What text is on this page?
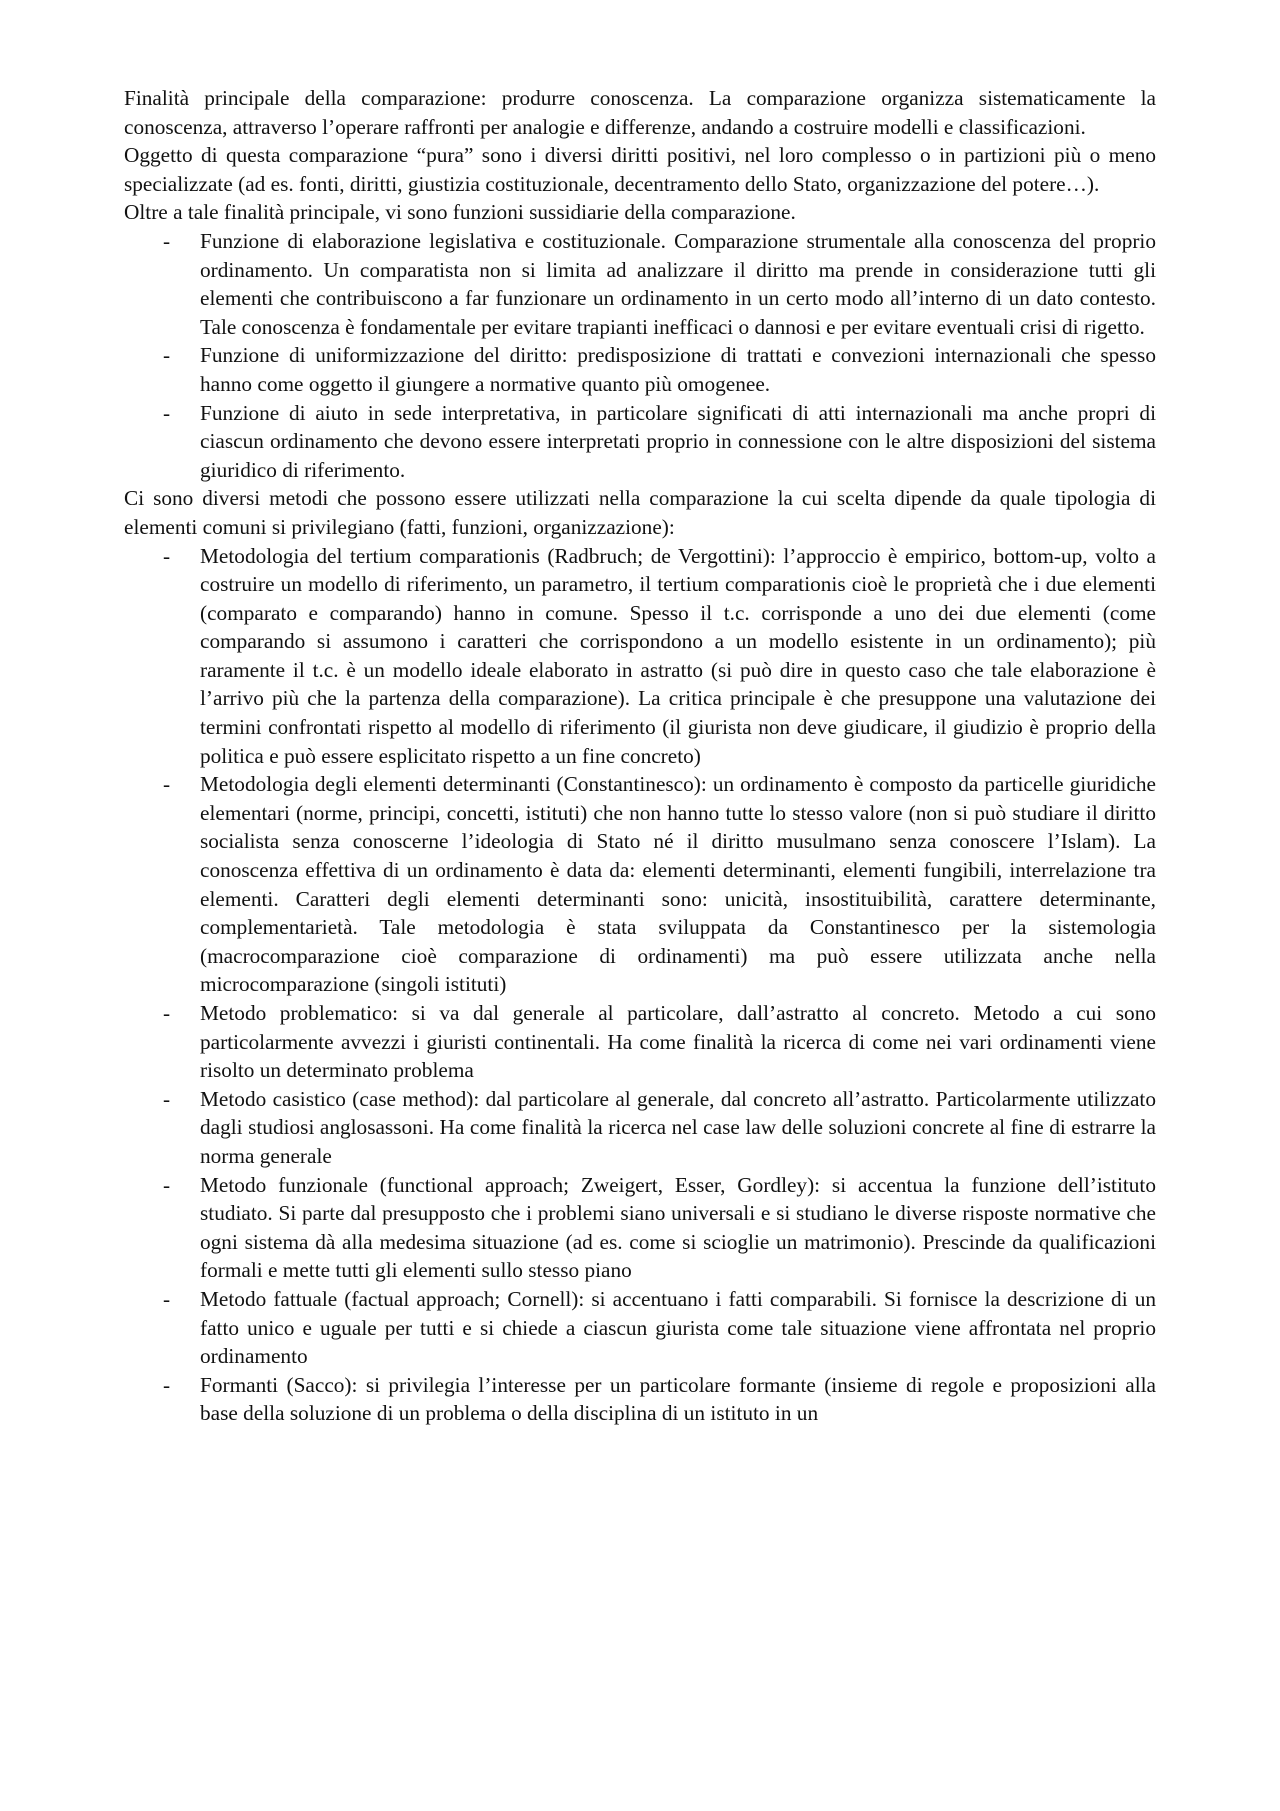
Finalità principale della comparazione: produrre conoscenza. La comparazione organizza sistematicamente la conoscenza, attraverso l’operare raffronti per analogie e differenze, andando a costruire modelli e classificazioni.

Oggetto di questa comparazione “pura” sono i diversi diritti positivi, nel loro complesso o in partizioni più o meno specializzate (ad es. fonti, diritti, giustizia costituzionale, decentramento dello Stato, organizzazione del potere…).

Oltre a tale finalità principale, vi sono funzioni sussidiarie della comparazione.

- Funzione di elaborazione legislativa e costituzionale. Comparazione strumentale alla conoscenza del proprio ordinamento. Un comparatista non si limita ad analizzare il diritto ma prende in considerazione tutti gli elementi che contribuiscono a far funzionare un ordinamento in un certo modo all’interno di un dato contesto. Tale conoscenza è fondamentale per evitare trapianti inefficaci o dannosi e per evitare eventuali crisi di rigetto.
- Funzione di uniformizzazione del diritto: predisposizione di trattati e convezioni internazionali che spesso hanno come oggetto il giungere a normative quanto più omogenee.
- Funzione di aiuto in sede interpretativa, in particolare significati di atti internazionali ma anche propri di ciascun ordinamento che devono essere interpretati proprio in connessione con le altre disposizioni del sistema giuridico di riferimento.

Ci sono diversi metodi che possono essere utilizzati nella comparazione la cui scelta dipende da quale tipologia di elementi comuni si privilegiano (fatti, funzioni, organizzazione):

- Metodologia del tertium comparationis (Radbruch; de Vergottini): l’approccio è empirico, bottom-up, volto a costruire un modello di riferimento, un parametro, il tertium comparationis cioè le proprietà che i due elementi (comparato e comparando) hanno in comune. Spesso il t.c. corrisponde a uno dei due elementi (come comparando si assumono i caratteri che corrispondono a un modello esistente in un ordinamento); più raramente il t.c. è un modello ideale elaborato in astratto (si può dire in questo caso che tale elaborazione è l’arrivo più che la partenza della comparazione). La critica principale è che presuppone una valutazione dei termini confrontati rispetto al modello di riferimento (il giurista non deve giudicare, il giudizio è proprio della politica e può essere esplicitato rispetto a un fine concreto)
- Metodologia degli elementi determinanti (Constantinesco): un ordinamento è composto da particelle giuridiche elementari (norme, principi, concetti, istituti) che non hanno tutte lo stesso valore (non si può studiare il diritto socialista senza conoscerne l’ideologia di Stato né il diritto musulmano senza conoscere l’Islam). La conoscenza effettiva di un ordinamento è data da: elementi determinanti, elementi fungibili, interrelazione tra elementi. Caratteri degli elementi determinanti sono: unicità, insostituibilità, carattere determinante, complementarietà. Tale metodologia è stata sviluppata da Constantinesco per la sistemologia (macrocomparazione cioè comparazione di ordinamenti) ma può essere utilizzata anche nella microcomparazione (singoli istituti)
- Metodo problematico: si va dal generale al particolare, dall’astratto al concreto. Metodo a cui sono particolarmente avvezzi i giuristi continentali. Ha come finalità la ricerca di come nei vari ordinamenti viene risolto un determinato problema
- Metodo casistico (case method): dal particolare al generale, dal concreto all’astratto. Particolarmente utilizzato dagli studiosi anglosassoni. Ha come finalità la ricerca nel case law delle soluzioni concrete al fine di estrarre la norma generale
- Metodo funzionale (functional approach; Zweigert, Esser, Gordley): si accentua la funzione dell’istituto studiato. Si parte dal presupposto che i problemi siano universali e si studiano le diverse risposte normative che ogni sistema dà alla medesima situazione (ad es. come si scioglie un matrimonio). Prescinde da qualificazioni formali e mette tutti gli elementi sullo stesso piano
- Metodo fattuale (factual approach; Cornell): si accentuano i fatti comparabili. Si fornisce la descrizione di un fatto unico e uguale per tutti e si chiede a ciascun giurista come tale situazione viene affrontata nel proprio ordinamento
- Formanti (Sacco): si privilegia l’interesse per un particolare formante (insieme di regole e proposizioni alla base della soluzione di un problema o della disciplina di un istituto in un
